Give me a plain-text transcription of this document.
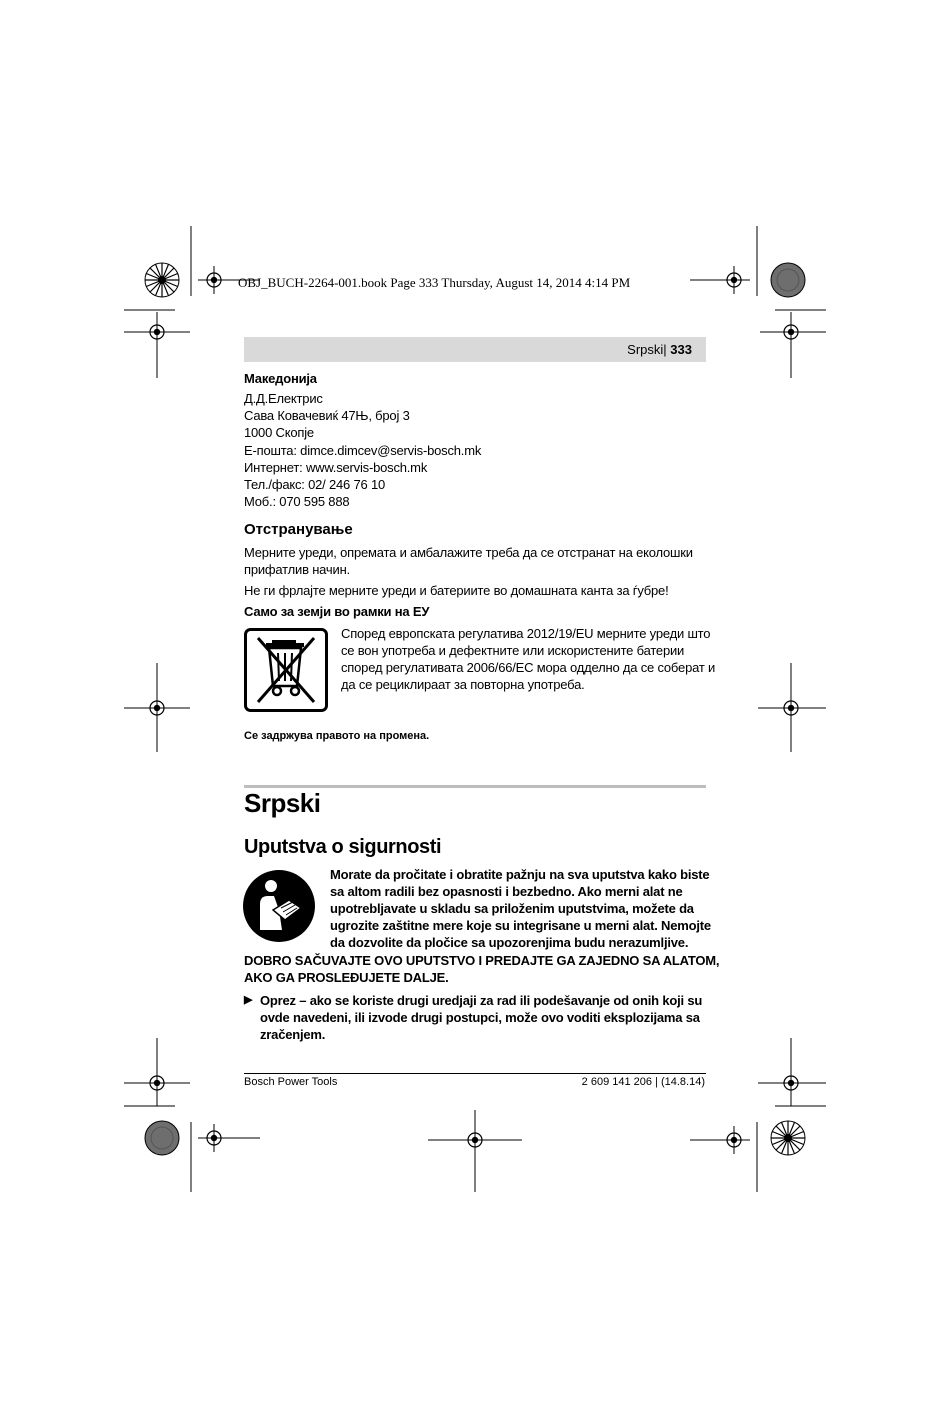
OBJ_BUCH-2264-001.book Page 333 Thursday, August 14, 2014 4:14 PM
Srpski| 333
Македонија
Д.Д.Електрис
Сава Ковачевиќ 47Њ, број 3
1000 Скопје
E-пошта: dimce.dimcev@servis-bosch.mk
Интернет: www.servis-bosch.mk
Тел./факс: 02/ 246 76 10
Моб.: 070 595 888
Отстранување
Мерните уреди, опремата и амбалажите треба да се отстранат на еколошки
прифатлив начин.
Не ги фрлајте мерните уреди и батериите во домашната канта за ѓубре!
Само за земји во рамки на ЕУ
Според европската регулатива 2012/19/EU мерните уреди што
се вон употреба и дефектните или искористените батерии
според регулативата 2006/66/EC мора одделно да се соберат и
да се рециклираат за повторна употреба.
Се задржува правото на промена.
Srpski
Uputstva o sigurnosti
Morate da pročitate i obratite pažnju na sva uputstva kako biste
sa altom radili bez opasnosti i bezbedno. Ako merni alat ne
upotrebljavate u skladu sa priloženim uputstvima, možete da
ugrozite zaštitne mere koje su integrisane u merni alat. Nemojte
da dozvolite da pločice sa upozorenjima budu nerazumljive.
DOBRO SAČUVAJTE OVO UPUTSTVO I PREDAJTE GA ZAJEDNO SA ALATOM,
AKO GA PROSLEĐUJETE DALJE.
▶ Oprez – ako se koriste drugi uredjaji za rad ili podešavanje od onih koji su
ovde navedeni, ili izvode drugi postupci, može ovo voditi eksplozijama sa
zračenjem.
Bosch Power Tools	2 609 141 206 | (14.8.14)
